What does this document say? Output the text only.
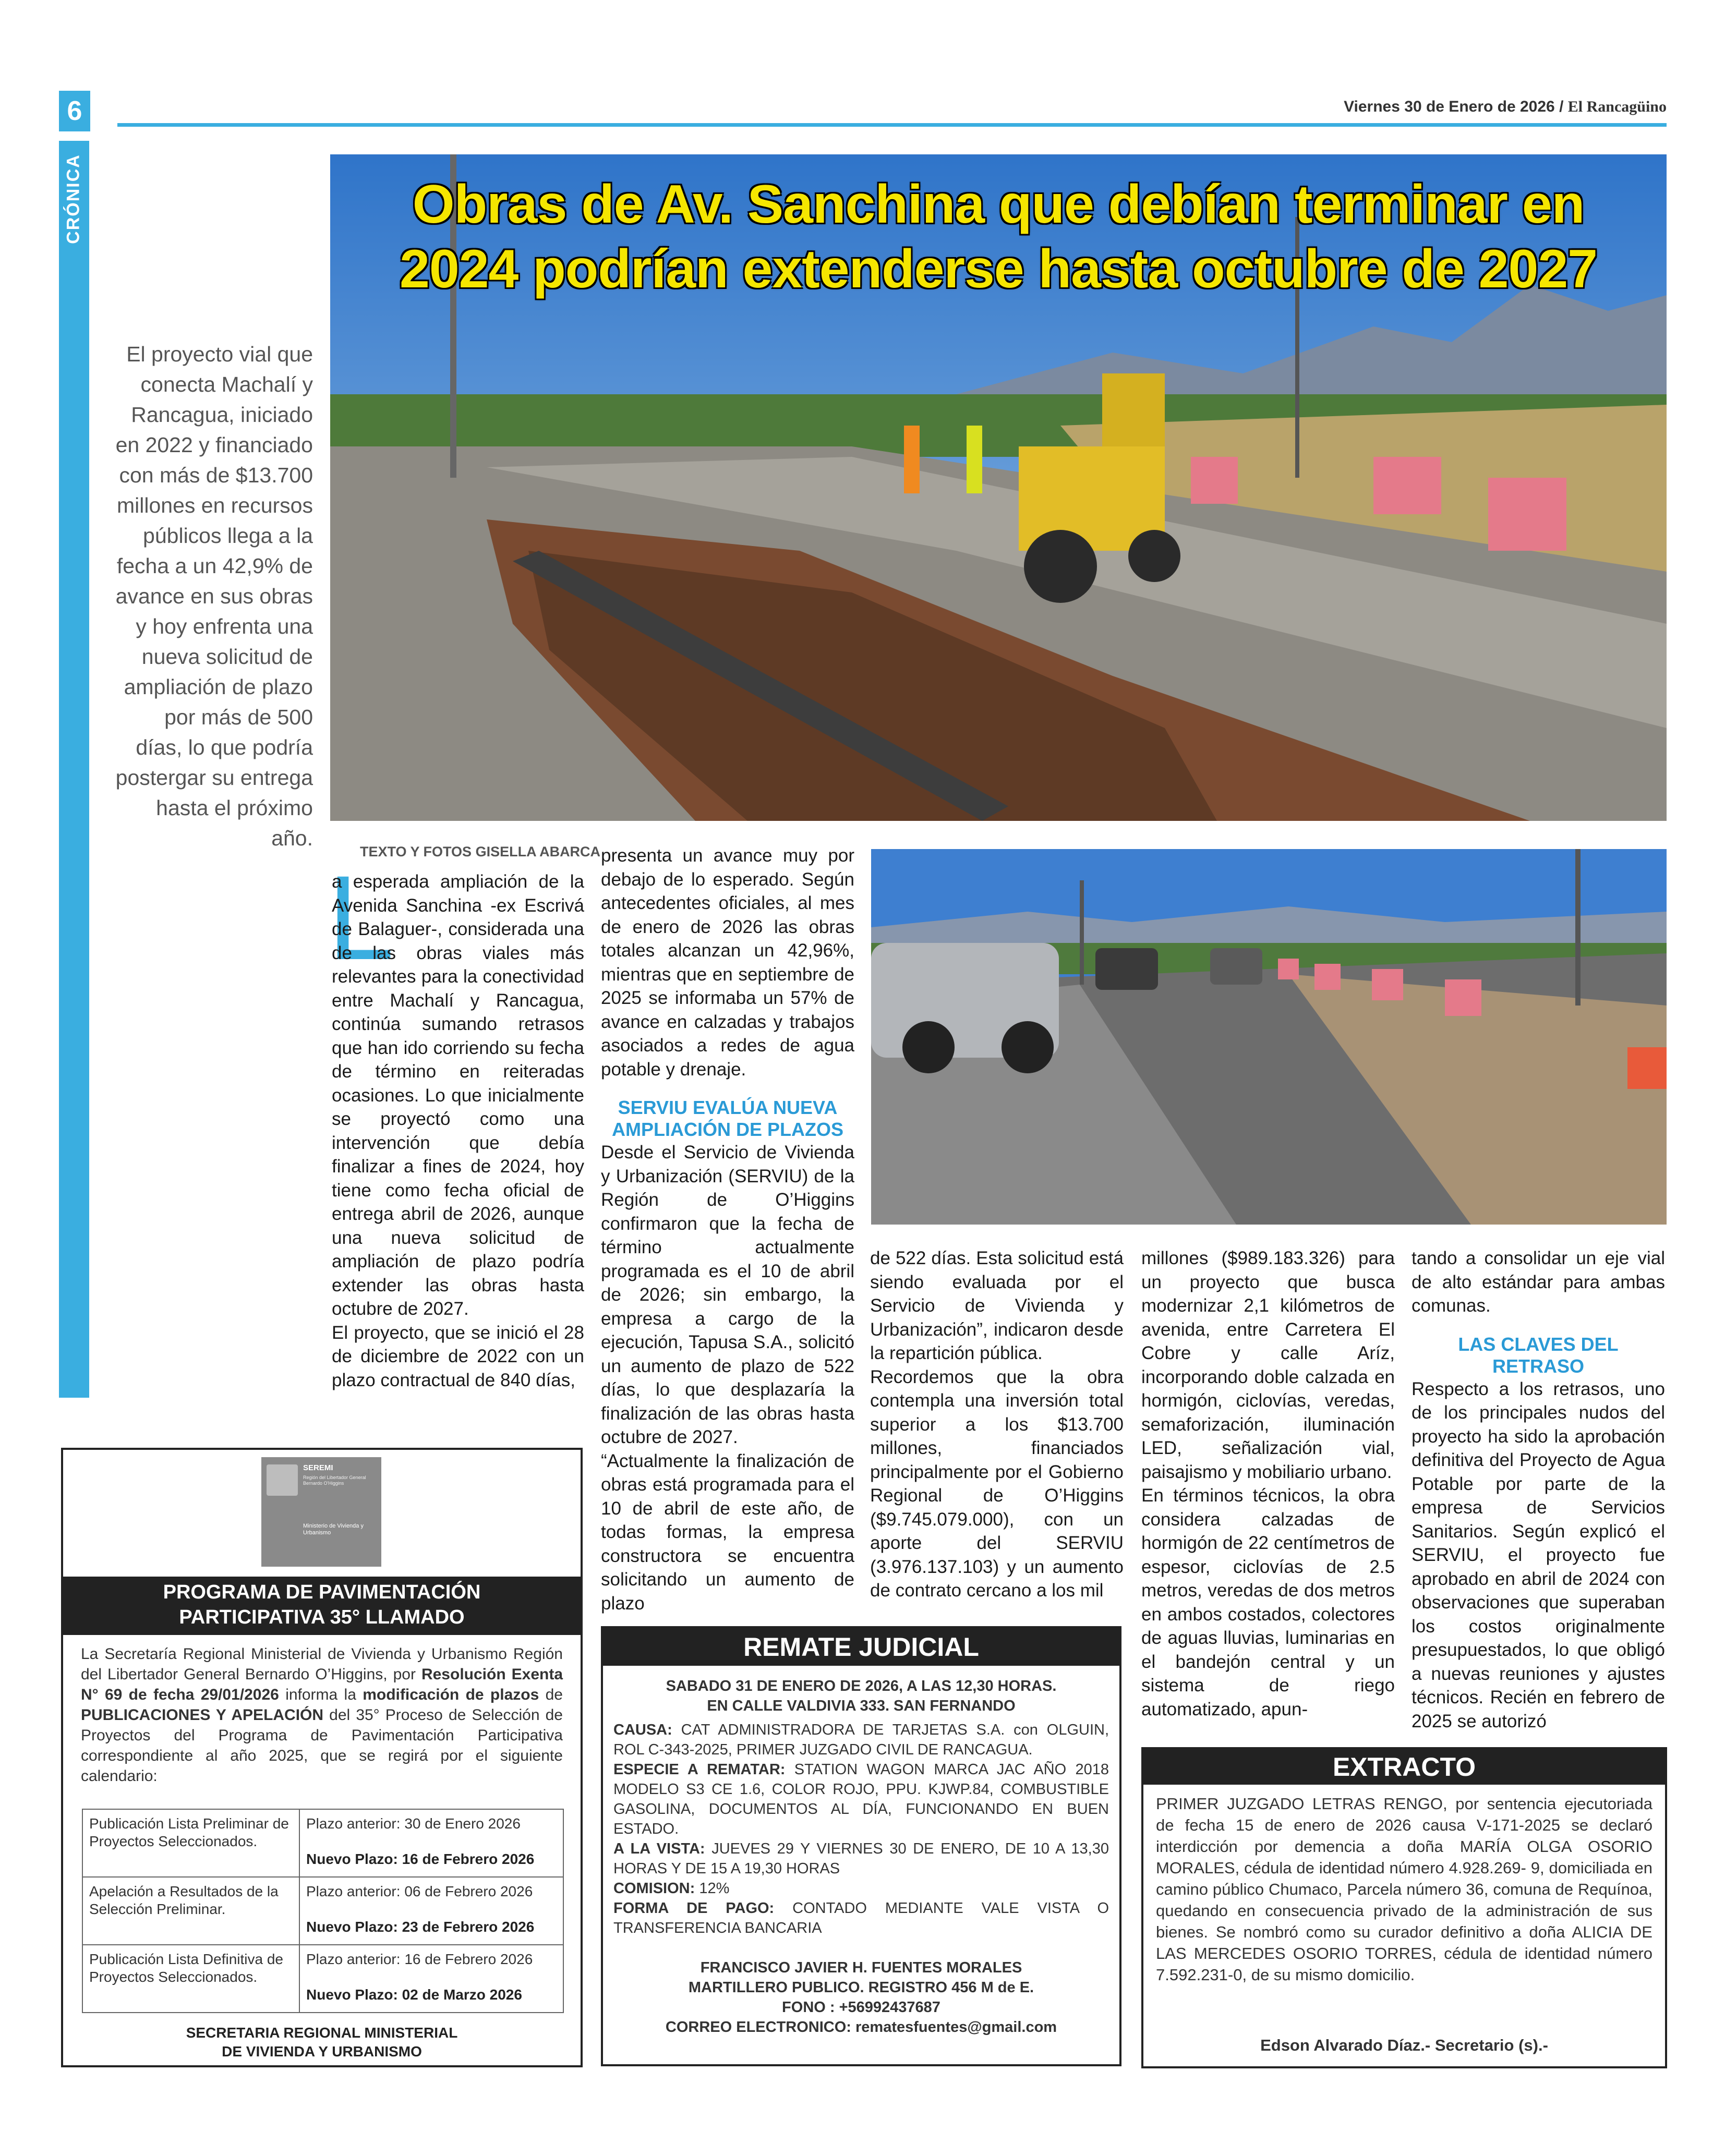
6	Viernes 30 de Enero de 2026 / El Rancagüino
CRÓNICA	Obras de Av. Sanchina que debían terminar en
2024 podrían extenderse hasta octubre de 2027
El proyecto vial que conecta Machalí y Rancagua, iniciado en 2022 y financiado con más de $13.700 millones en recursos públicos llega a la fecha a un 42,9% de avance en sus obras y hoy enfrenta una nueva solicitud de ampliación de plazo por más de 500 días, lo que podría postergar su entrega hasta el próximo año.
TEXTO Y FOTOS GISELLA ABARCA
L
a esperada ampliación de la Avenida Sanchina -ex Escrivá de Balaguer-, considerada una de las obras viales más relevantes para la conectividad entre Machalí y Rancagua, continúa sumando retrasos que han ido corriendo su fecha de término en reiteradas ocasiones. Lo que inicialmente se proyectó como una intervención que debía finalizar a fines de 2024, hoy tiene como fecha oficial de entrega abril de 2026, aunque una nueva solicitud de ampliación de plazo podría extender las obras hasta octubre de 2027.
El proyecto, que se inició el 28 de diciembre de 2022 con un plazo contractual de 840 días,
presenta un avance muy por debajo de lo esperado. Según antecedentes oficiales, al mes de enero de 2026 las obras totales alcanzan un 42,96%, mientras que en septiembre de 2025 se informaba un 57% de avance en calzadas y trabajos asociados a redes de agua potable y drenaje.
SERVIU EVALÚA NUEVA AMPLIACIÓN DE PLAZOS
Desde el Servicio de Vivienda y Urbanización (SERVIU) de la Región de O’Higgins confirmaron que la fecha de término actualmente programada es el 10 de abril de 2026; sin embargo, la empresa a cargo de la ejecución, Tapusa S.A., solicitó un aumento de plazo de 522 días, lo que desplazaría la finalización de las obras hasta octubre de 2027.
“Actualmente la finalización de obras está programada para el 10 de abril de este año, de todas formas, la empresa constructora se encuentra solicitando un aumento de plazo
de 522 días. Esta solicitud está siendo evaluada por el Servicio de Vivienda y Urbanización”, indicaron desde la repartición pública.
Recordemos que la obra contempla una inversión total superior a los $13.700 millones, financiados principalmente por el Gobierno Regional de O’Higgins ($9.745.079.000), con un aporte del SERVIU (3.976.137.103) y un aumento de contrato cercano a los mil
millones ($989.183.326) para un proyecto que busca modernizar 2,1 kilómetros de avenida, entre Carretera El Cobre y calle Aríz, incorporando doble calzada en hormigón, ciclovías, veredas, semaforización, iluminación LED, señalización vial, paisajismo y mobiliario urbano.
En términos técnicos, la obra considera calzadas de hormigón de 22 centímetros de espesor, ciclovías de 2.5 metros, veredas de dos metros en ambos costados, colectores de aguas lluvias, luminarias en el bandejón central y un sistema de riego automatizado, apun-
tando a consolidar un eje vial de alto estándar para ambas comunas.
LAS CLAVES DEL RETRASO
Respecto a los retrasos, uno de los principales nudos del proyecto ha sido la aprobación definitiva del Proyecto de Agua Potable por parte de la empresa de Servicios Sanitarios. Según explicó el SERVIU, el proyecto fue aprobado en abril de 2024 con observaciones que superaban los costos originalmente presupuestados, lo que obligó a nuevas reuniones y ajustes técnicos. Recién en febrero de 2025 se autorizó
SEREMI
Región del Libertador General Bernardo O'Higgins
Ministerio de Vivienda y Urbanismo
PROGRAMA DE PAVIMENTACIÓN
PARTICIPATIVA 35° LLAMADO
La Secretaría Regional Ministerial de Vivienda y Urbanismo Región del Libertador General Bernardo O’Higgins, por Resolución Exenta N° 69 de fecha 29/01/2026 informa la modificación de plazos de PUBLICACIONES Y APELACIÓN del 35° Proceso de Selección de Proyectos del Programa de Pavimentación Participativa correspondiente al año 2025, que se regirá por el siguiente calendario:
Publicación Lista Preliminar de Proyectos Seleccionados.	Plazo anterior: 30 de Enero 2026
Nuevo Plazo: 16 de Febrero 2026

Apelación a Resultados de la Selección Preliminar.	Plazo anterior: 06 de Febrero 2026
Nuevo Plazo: 23 de Febrero 2026

Publicación Lista Definitiva de Proyectos Seleccionados.	Plazo anterior: 16 de Febrero 2026
Nuevo Plazo: 02 de Marzo 2026
SECRETARIA REGIONAL MINISTERIAL
DE VIVIENDA Y URBANISMO
REMATE JUDICIAL
SABADO 31 DE ENERO DE 2026, A LAS 12,30 HORAS.
EN CALLE VALDIVIA 333. SAN FERNANDO
CAUSA: CAT ADMINISTRADORA DE TARJETAS S.A. con OLGUIN, ROL C-343-2025, PRIMER JUZGADO CIVIL DE RANCAGUA.
ESPECIE A REMATAR: STATION WAGON MARCA JAC AÑO 2018 MODELO S3 CE 1.6, COLOR ROJO, PPU. KJWP.84, COMBUSTIBLE GASOLINA, DOCUMENTOS AL DÍA, FUNCIONANDO EN BUEN ESTADO.
A LA VISTA: JUEVES 29 Y VIERNES 30 DE ENERO, DE 10 A 13,30 HORAS Y DE 15 A 19,30 HORAS
COMISION: 12%
FORMA DE PAGO: CONTADO MEDIANTE VALE VISTA O TRANSFERENCIA BANCARIA
FRANCISCO JAVIER H. FUENTES MORALES
MARTILLERO PUBLICO. REGISTRO 456 M de E.
FONO : +56992437687
CORREO ELECTRONICO: rematesfuentes@gmail.com
EXTRACTO
PRIMER JUZGADO LETRAS RENGO, por sentencia ejecutoriada de fecha 15 de enero de 2026 causa V-171-2025 se declaró interdicción por demencia a doña MARÍA OLGA OSORIO MORALES, cédula de identidad número 4.928.269- 9, domiciliada en camino público Chumaco, Parcela número 36, comuna de Requínoa, quedando en consecuencia privado de la administración de sus bienes. Se nombró como su curador definitivo a doña ALICIA DE LAS MERCEDES OSORIO TORRES, cédula de identidad número 7.592.231-0, de su mismo domicilio.
Edson Alvarado Díaz.- Secretario (s).-
